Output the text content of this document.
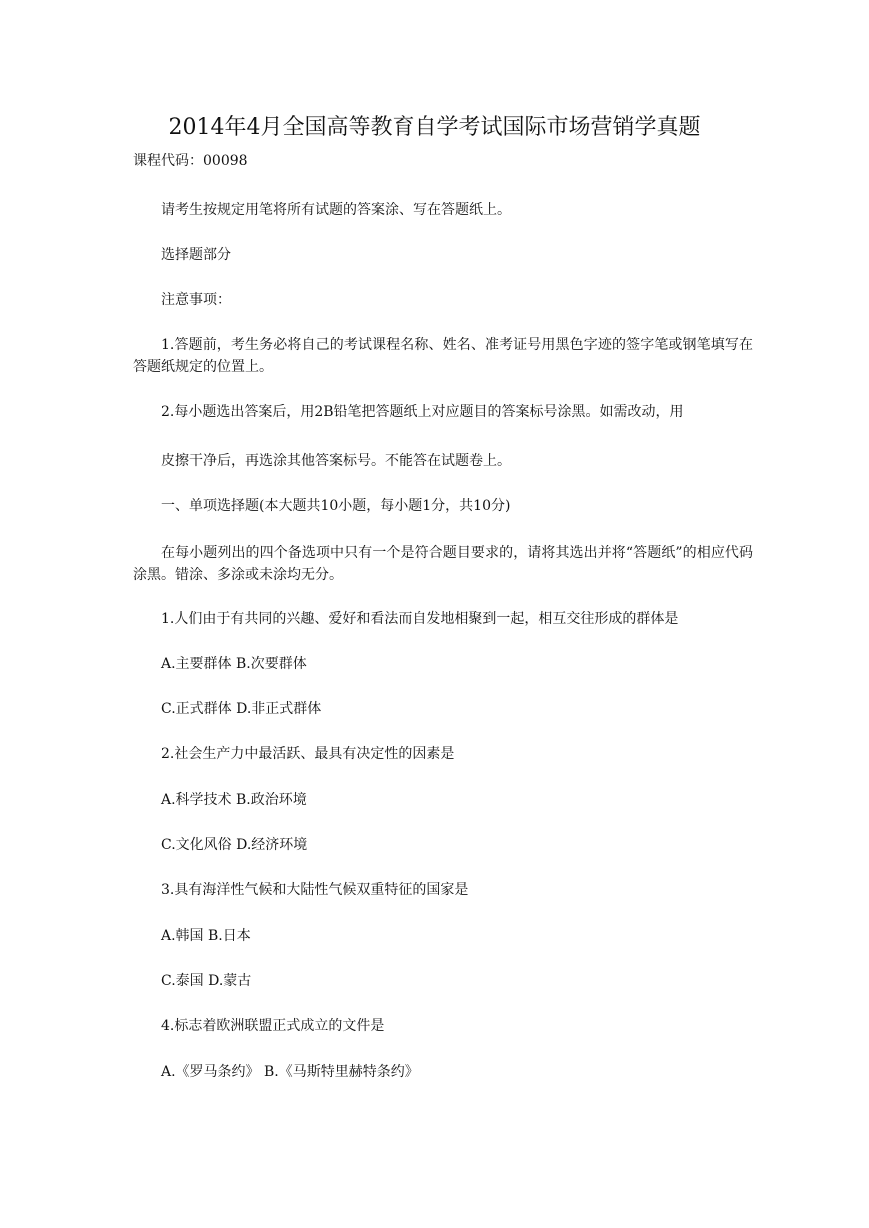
2014年4月全国高等教育自学考试国际市场营销学真题
课程代码：00098
请考生按规定用笔将所有试题的答案涂、写在答题纸上。
选择题部分
注意事项：
1.答题前，考生务必将自己的考试课程名称、姓名、准考证号用黑色字迹的签字笔或钢笔填写在答题纸规定的位置上。
2.每小题选出答案后，用2B铅笔把答题纸上对应题目的答案标号涂黑。如需改动，用
皮擦干净后，再选涂其他答案标号。不能答在试题卷上。
一、单项选择题(本大题共10小题，每小题1分，共10分)
在每小题列出的四个备选项中只有一个是符合题目要求的，请将其选出并将“答题纸”的相应代码涂黑。错涂、多涂或未涂均无分。
1.人们由于有共同的兴趣、爱好和看法而自发地相聚到一起，相互交往形成的群体是
A.主要群体 B.次要群体
C.正式群体 D.非正式群体
2.社会生产力中最活跃、最具有决定性的因素是
A.科学技术 B.政治环境
C.文化风俗 D.经济环境
3.具有海洋性气候和大陆性气候双重特征的国家是
A.韩国 B.日本
C.泰国 D.蒙古
4.标志着欧洲联盟正式成立的文件是
A.《罗马条约》 B.《马斯特里赫特条约》
